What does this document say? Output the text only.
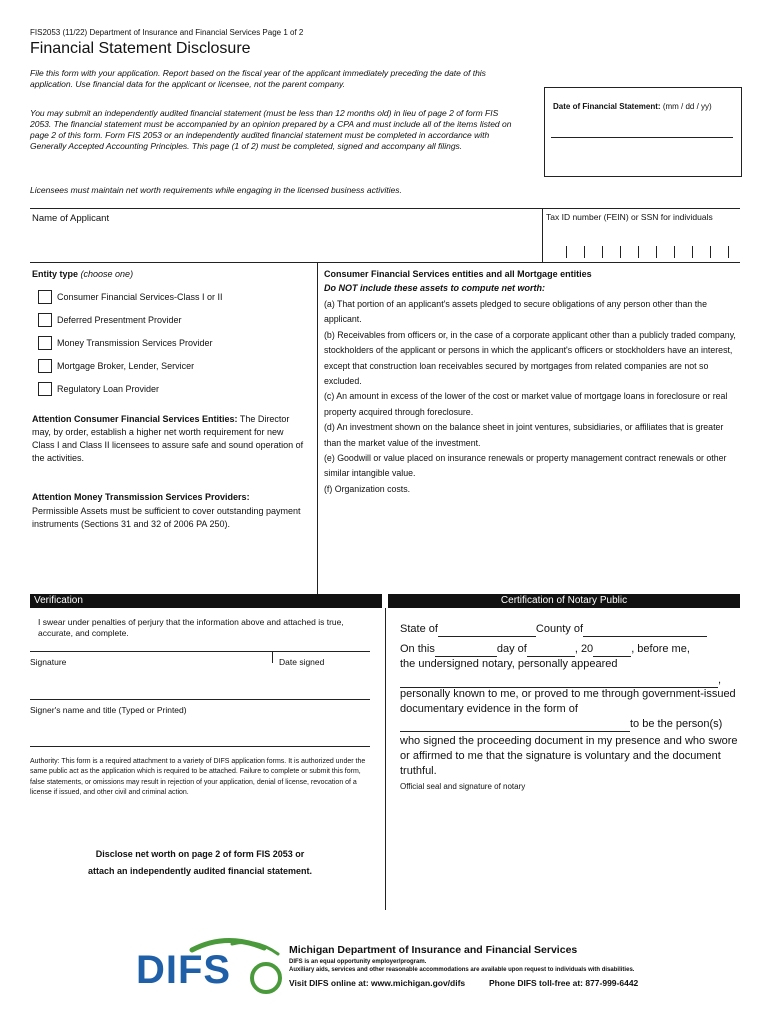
FIS2053 (11/22) Department of Insurance and Financial Services Page 1 of 2
Financial Statement Disclosure
File this form with your application. Report based on the fiscal year of the applicant immediately preceding the date of this application. Use financial data for the applicant or licensee, not the parent company.
You may submit an independently audited financial statement (must be less than 12 months old) in lieu of page 2 of form FIS 2053. The financial statement must be accompanied by an opinion prepared by a CPA and must include all of the items listed on page 2 of this form. Form FIS 2053 or an independently audited financial statement must be completed in accordance with Generally Accepted Accounting Principles. This page (1 of 2) must be completed, signed and accompany all filings.
Licensees must maintain net worth requirements while engaging in the licensed business activities.
Date of Financial Statement: (mm / dd / yy)
Name of Applicant	Tax ID number (FEIN) or SSN for individuals
Entity type (choose one)
Consumer Financial Services-Class I or II
Deferred Presentment Provider
Money Transmission Services Provider
Mortgage Broker, Lender, Servicer
Regulatory Loan Provider
Attention Consumer Financial Services Entities: The Director may, by order, establish a higher net worth requirement for new Class I and Class II licensees to assure safe and sound operation of the activities.
Attention Money Transmission Services Providers:
Permissible Assets must be sufficient to cover outstanding payment instruments (Sections 31 and 32 of 2006 PA 250).
Consumer Financial Services entities and all Mortgage entities
Do NOT include these assets to compute net worth:
(a) That portion of an applicant's assets pledged to secure obligations of any person other than the applicant.
(b) Receivables from officers or, in the case of a corporate applicant other than a publicly traded company, stockholders of the applicant or persons in which the applicant's officers or stockholders have an interest, except that construction loan receivables secured by mortgages from related companies are not so excluded.
(c) An amount in excess of the lower of the cost or market value of mortgage loans in foreclosure or real property acquired through foreclosure.
(d) An investment shown on the balance sheet in joint ventures, subsidiaries, or affiliates that is greater than the market value of the investment.
(e) Goodwill or value placed on insurance renewals or property management contract renewals or other similar intangible value.
(f) Organization costs.
Verification	Certification of Notary Public
I swear under penalties of perjury that the information above and attached is true, accurate, and complete.
Signature	Date signed
Signer's name and title (Typed or Printed)
Authority: This form is a required attachment to a variety of DIFS application forms. It is authorized under the same public act as the application which is required to be attached. Failure to complete or submit this form, false statements, or omissions may result in rejection of your application, denial of license, revocation of a license if issued, and other civil and criminal action.
Disclose net worth on page 2 of form FIS 2053 or
attach an independently audited financial statement.
State of	County of
On this	day of	, 20	, before me,
the undersigned notary, personally appeared
,
personally known to me, or proved to me through government-issued documentary evidence in the form of
to be the person(s)
who signed the proceeding document in my presence and who swore or affirmed to me that the signature is voluntary and the document truthful.
Official seal and signature of notary
DIFS	Michigan Department of Insurance and Financial Services
DIFS is an equal opportunity employer/program.
Auxiliary aids, services and other reasonable accommodations are available upon request to individuals with disabilities.
Visit DIFS online at: www.michigan.gov/difs	Phone DIFS toll-free at: 877-999-6442
